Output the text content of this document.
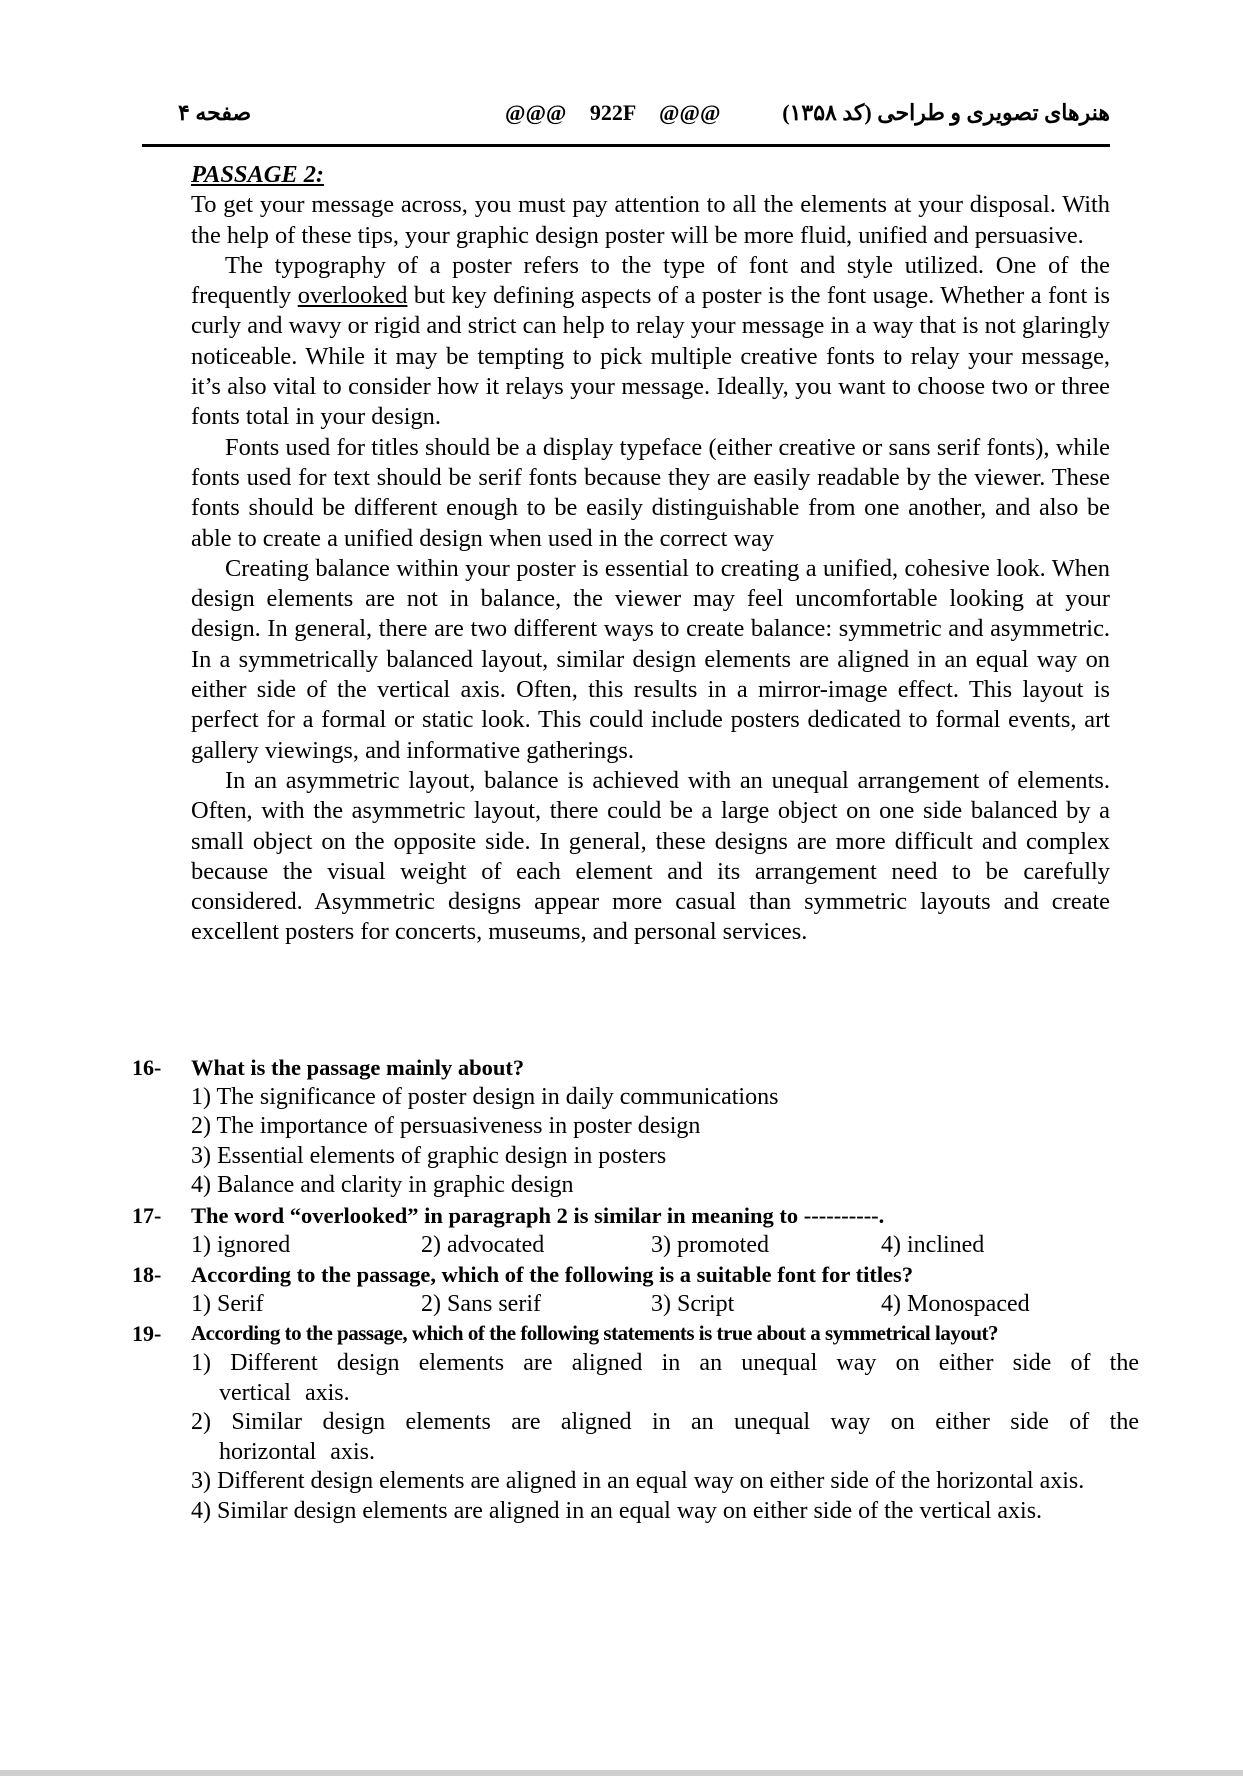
صفحه ۴	@@@ 922F @@@	هنرهای تصویری و طراحی (کد ۱۳۵۸)
PASSAGE 2:

To get your message across, you must pay attention to all the elements at your disposal. With the help of these tips, your graphic design poster will be more fluid, unified and persuasive.

The typography of a poster refers to the type of font and style utilized. One of the frequently overlooked but key defining aspects of a poster is the font usage. Whether a font is curly and wavy or rigid and strict can help to relay your message in a way that is not glaringly noticeable. While it may be tempting to pick multiple creative fonts to relay your message, it’s also vital to consider how it relays your message. Ideally, you want to choose two or three fonts total in your design.

Fonts used for titles should be a display typeface (either creative or sans serif fonts), while fonts used for text should be serif fonts because they are easily readable by the viewer. These fonts should be different enough to be easily distinguishable from one another, and also be able to create a unified design when used in the correct way

Creating balance within your poster is essential to creating a unified, cohesive look. When design elements are not in balance, the viewer may feel uncomfortable looking at your design. In general, there are two different ways to create balance: symmetric and asymmetric. In a symmetrically balanced layout, similar design elements are aligned in an equal way on either side of the vertical axis. Often, this results in a mirror-image effect. This layout is perfect for a formal or static look. This could include posters dedicated to formal events, art gallery viewings, and informative gatherings.

In an asymmetric layout, balance is achieved with an unequal arrangement of elements. Often, with the asymmetric layout, there could be a large object on one side balanced by a small object on the opposite side. In general, these designs are more difficult and complex because the visual weight of each element and its arrangement need to be carefully considered. Asymmetric designs appear more casual than symmetric layouts and create excellent posters for concerts, museums, and personal services.

16- What is the passage mainly about?
1) The significance of poster design in daily communications
2) The importance of persuasiveness in poster design
3) Essential elements of graphic design in posters
4) Balance and clarity in graphic design
17- The word “overlooked” in paragraph 2 is similar in meaning to ----------.
1) ignored	2) advocated	3) promoted	4) inclined
18- According to the passage, which of the following is a suitable font for titles?
1) Serif	2) Sans serif	3) Script	4) Monospaced
19- According to the passage, which of the following statements is true about a symmetrical layout?
1) Different design elements are aligned in an unequal way on either side of the vertical axis.
2) Similar design elements are aligned in an unequal way on either side of the horizontal axis.
3) Different design elements are aligned in an equal way on either side of the horizontal axis.
4) Similar design elements are aligned in an equal way on either side of the vertical axis.
